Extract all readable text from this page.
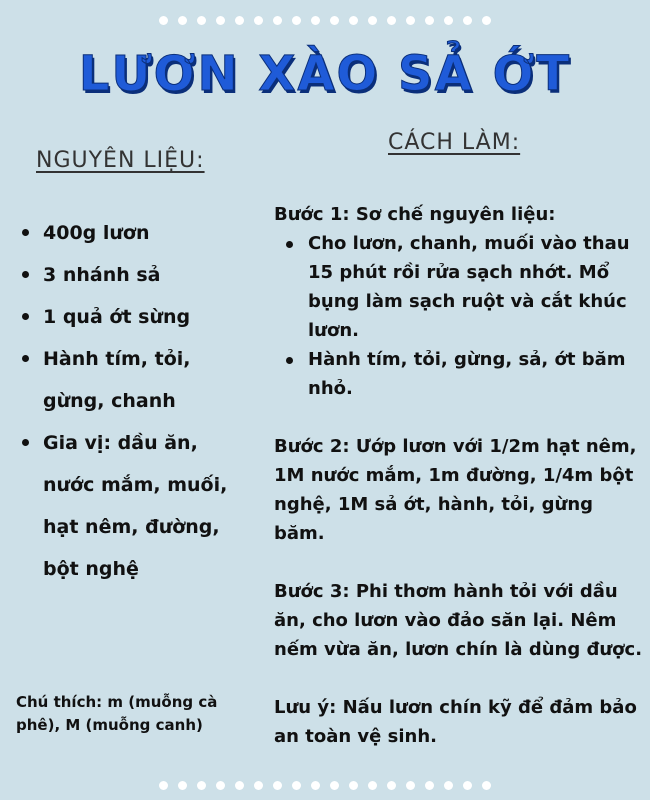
LƯƠN XÀO SẢ ỚT
NGUYÊN LIỆU:
CÁCH LÀM:
400g lươn
3 nhánh sả
1 quả ớt sừng
Hành tím, tỏi, gừng, chanh
Gia vị: dầu ăn, nước mắm, muối, hạt nêm, đường, bột nghệ
Chú thích: m (muỗng cà phê), M (muỗng canh)

Bước 1: Sơ chế nguyên liệu:

Cho lươn, chanh, muối vào thau 15 phút rồi rửa sạch nhớt. Mổ bụng làm sạch ruột và cắt khúc lươn.
Hành tím, tỏi, gừng, sả, ớt băm nhỏ.

Bước 2: Ướp lươn với 1/2m hạt nêm, 1M nước mắm, 1m đường, 1/4m bột nghệ, 1M sả ớt, hành, tỏi, gừng băm.

Bước 3: Phi thơm hành tỏi với dầu ăn, cho lươn vào đảo săn lại. Nêm nếm vừa ăn, lươn chín là dùng được.

Lưu ý: Nấu lươn chín kỹ để đảm bảo an toàn vệ sinh.
